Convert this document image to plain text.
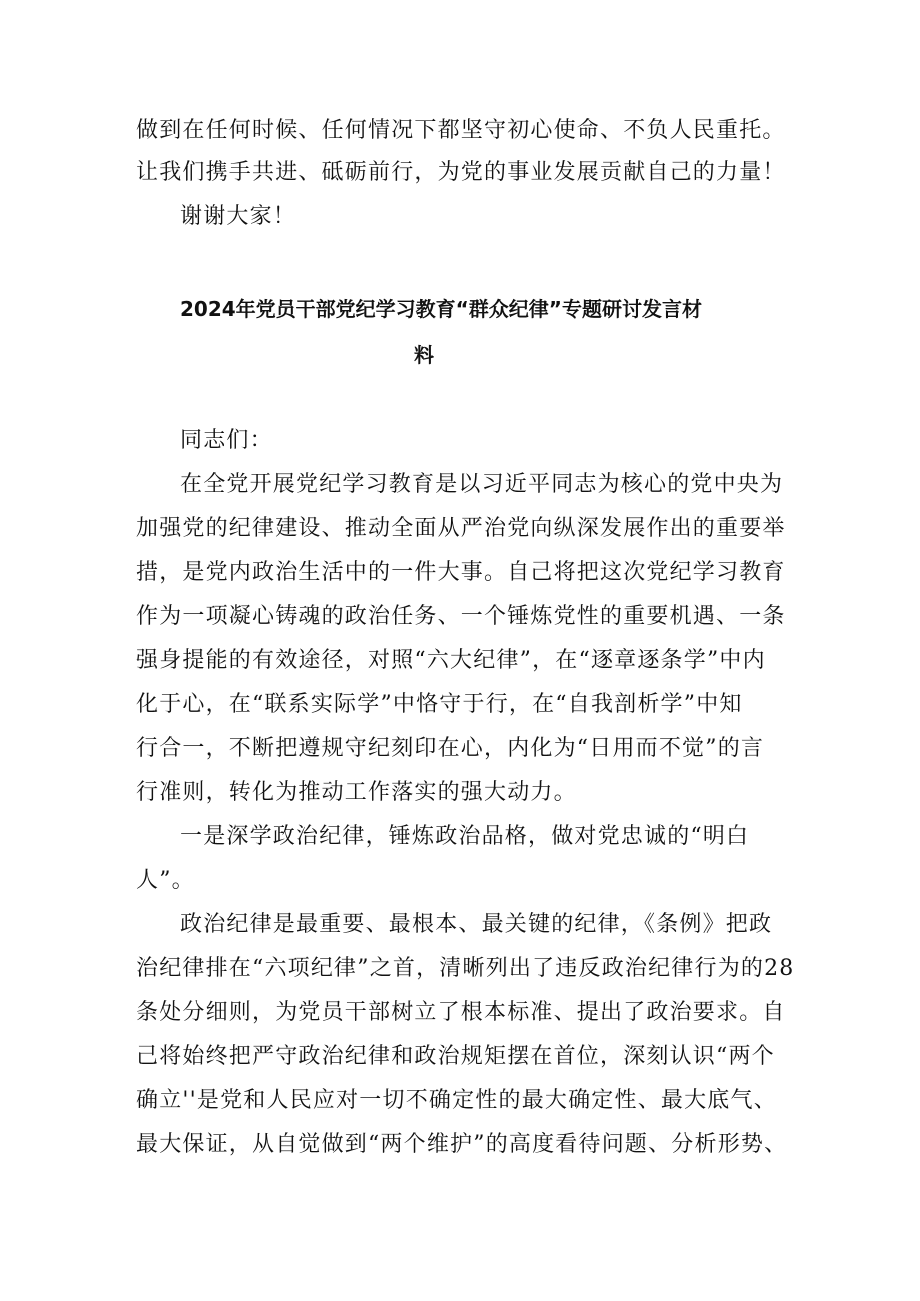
做到在任何时候、任何情况下都坚守初心使命、不负人民重托。
让我们携手共进、砥砺前行，为党的事业发展贡献自己的力量！
谢谢大家！
2024年党员干部党纪学习教育“群众纪律”专题研讨发言材
料
同志们：
在全党开展党纪学习教育是以习近平同志为核心的党中央为
加强党的纪律建设、推动全面从严治党向纵深发展作出的重要举
措，是党内政治生活中的一件大事。自己将把这次党纪学习教育
作为一项凝心铸魂的政治任务、一个锤炼党性的重要机遇、一条
强身提能的有效途径，对照“六大纪律”，在“逐章逐条学”中内
化于心，在“联系实际学”中恪守于行，在“自我剖析学”中知
行合一，不断把遵规守纪刻印在心，内化为“日用而不觉”的言
行准则，转化为推动工作落实的强大动力。
一是深学政治纪律，锤炼政治品格，做对党忠诚的“明白
人”。
政治纪律是最重要、最根本、最关键的纪律，《条例》把政
治纪律排在“六项纪律”之首，清晰列出了违反政治纪律行为的28
条处分细则，为党员干部树立了根本标准、提出了政治要求。自
己将始终把严守政治纪律和政治规矩摆在首位，深刻认识“两个
确立''是党和人民应对一切不确定性的最大确定性、最大底气、
最大保证，从自觉做到“两个维护”的高度看待问题、分析形势、
